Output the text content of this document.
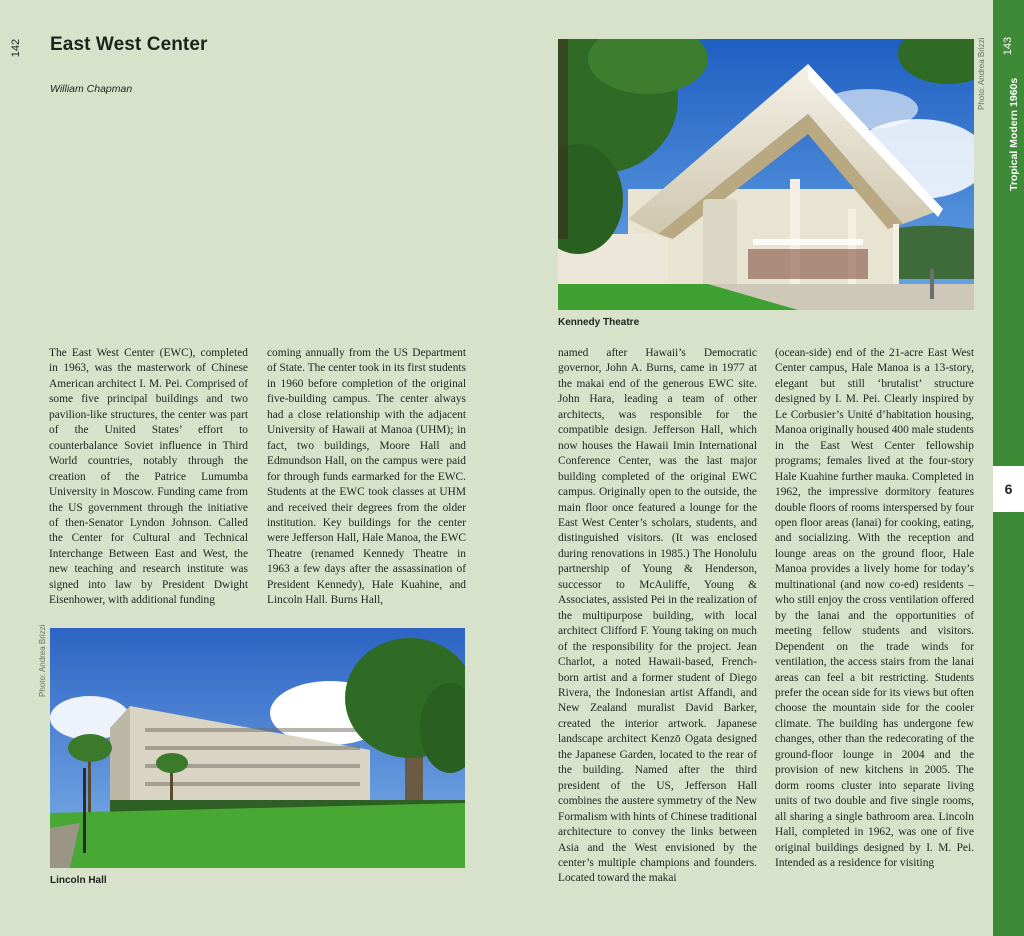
142 East West Center
William Chapman	Photo: Andrea Brizzi
Kennedy Theatre

The East West Center (EWC), completed in 1963, was the masterwork of Chinese American architect I. M. Pei. Comprised of some five principal buildings and two pavilion-like structures, the center was part of the United States’ effort to counterbalance Soviet influence in Third World countries, notably through the creation of the Patrice Lumumba University in Moscow. Funding came from the US government through the initiative of then-Senator Lyndon Johnson. Called the Center for Cultural and Technical Interchange Between East and West, the new teaching and research institute was signed into law by President Dwight Eisenhower, with additional funding

coming annually from the US Department of State. The center took in its first students in 1960 before completion of the original five-building campus. The center always had a close relationship with the adjacent University of Hawaii at Manoa (UHM); in fact, two buildings, Moore Hall and Edmundson Hall, on the campus were paid for through funds earmarked for the EWC. Students at the EWC took classes at UHM and received their degrees from the older institution. Key buildings for the center were Jefferson Hall, Hale Manoa, the EWC Theatre (renamed Kennedy Theatre in 1963 a few days after the assassination of President Kennedy), Hale Kuahine, and Lincoln Hall. Burns Hall,

named after Hawaii’s Democratic governor, John A. Burns, came in 1977 at the makai end of the generous EWC site. John Hara, leading a team of other architects, was responsible for the compatible design. Jefferson Hall, which now houses the Hawaii Imin International Conference Center, was the last major building completed of the original EWC campus. Originally open to the outside, the main floor once featured a lounge for the East West Center’s scholars, students, and distinguished visitors. (It was enclosed during renovations in 1985.) The Honolulu partnership of Young & Henderson, successor to McAuliffe, Young & Associates, assisted Pei in the realization of the multipurpose building, with local architect Clifford F. Young taking on much of the responsibility for the project. Jean Charlot, a noted Hawaii-based, French-born artist and a former student of Diego Rivera, the Indonesian artist Affandi, and New Zealand muralist David Barker, created the interior artwork. Japanese landscape architect Kenzō Ogata designed the Japanese Garden, located to the rear of the building. Named after the third president of the US, Jefferson Hall combines the austere symmetry of the New Formalism with hints of Chinese traditional architecture to convey the links between Asia and the West envisioned by the center’s multiple champions and founders. Located toward the makai

(ocean-side) end of the 21-acre East West Center campus, Hale Manoa is a 13-story, elegant but still ‘brutalist’ structure designed by I. M. Pei. Clearly inspired by Le Corbusier’s Unité d’habitation housing, Manoa originally housed 400 male students in the East West Center fellowship programs; females lived at the four-story Hale Kuahine further mauka. Completed in 1962, the impressive dormitory features double floors of rooms interspersed by four open floor areas (lanai) for cooking, eating, and socializing. With the reception and lounge areas on the ground floor, Hale Manoa provides a lively home for today’s multinational (and now co-ed) residents – who still enjoy the cross ventilation offered by the lanai and the opportunities of meeting fellow students and visitors. Dependent on the trade winds for ventilation, the access stairs from the lanai areas can feel a bit restricting. Students prefer the ocean side for its views but often choose the mountain side for the cooler climate. The building has undergone few changes, other than the redecorating of the ground-floor lounge in 2004 and the provision of new kitchens in 2005. The dorm rooms cluster into separate living units of two double and five single rooms, all sharing a single bathroom area. Lincoln Hall, completed in 1962, was one of five original buildings designed by I. M. Pei. Intended as a residence for visiting

Photo: Andrea Brizzi
Lincoln Hall
143
Tropical Modern 1960s
6
